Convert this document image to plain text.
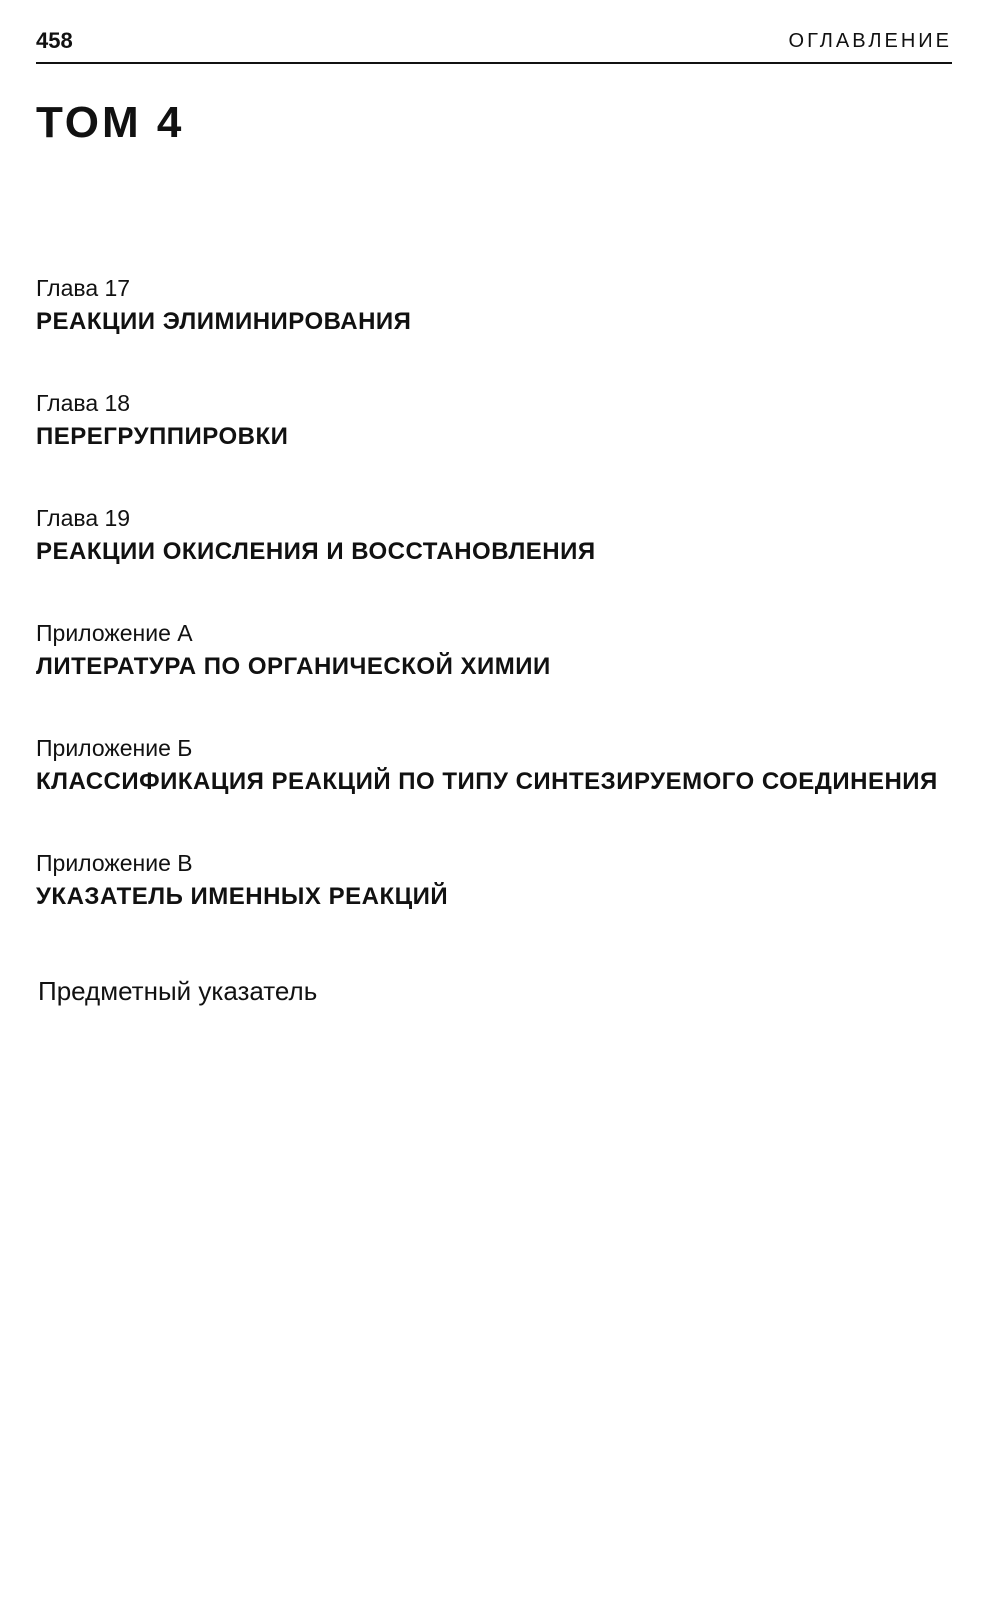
458	ОГЛАВЛЕНИЕ
ТОМ 4
Глава 17
РЕАКЦИИ ЭЛИМИНИРОВАНИЯ
Глава 18
ПЕРЕГРУППИРОВКИ
Глава 19
РЕАКЦИИ ОКИСЛЕНИЯ И ВОССТАНОВЛЕНИЯ
Приложение А
ЛИТЕРАТУРА ПО ОРГАНИЧЕСКОЙ ХИМИИ
Приложение Б
КЛАССИФИКАЦИЯ РЕАКЦИЙ ПО ТИПУ СИНТЕЗИРУЕМОГО СОЕДИНЕНИЯ
Приложение В
УКАЗАТЕЛЬ ИМЕННЫХ РЕАКЦИЙ
Предметный указатель
